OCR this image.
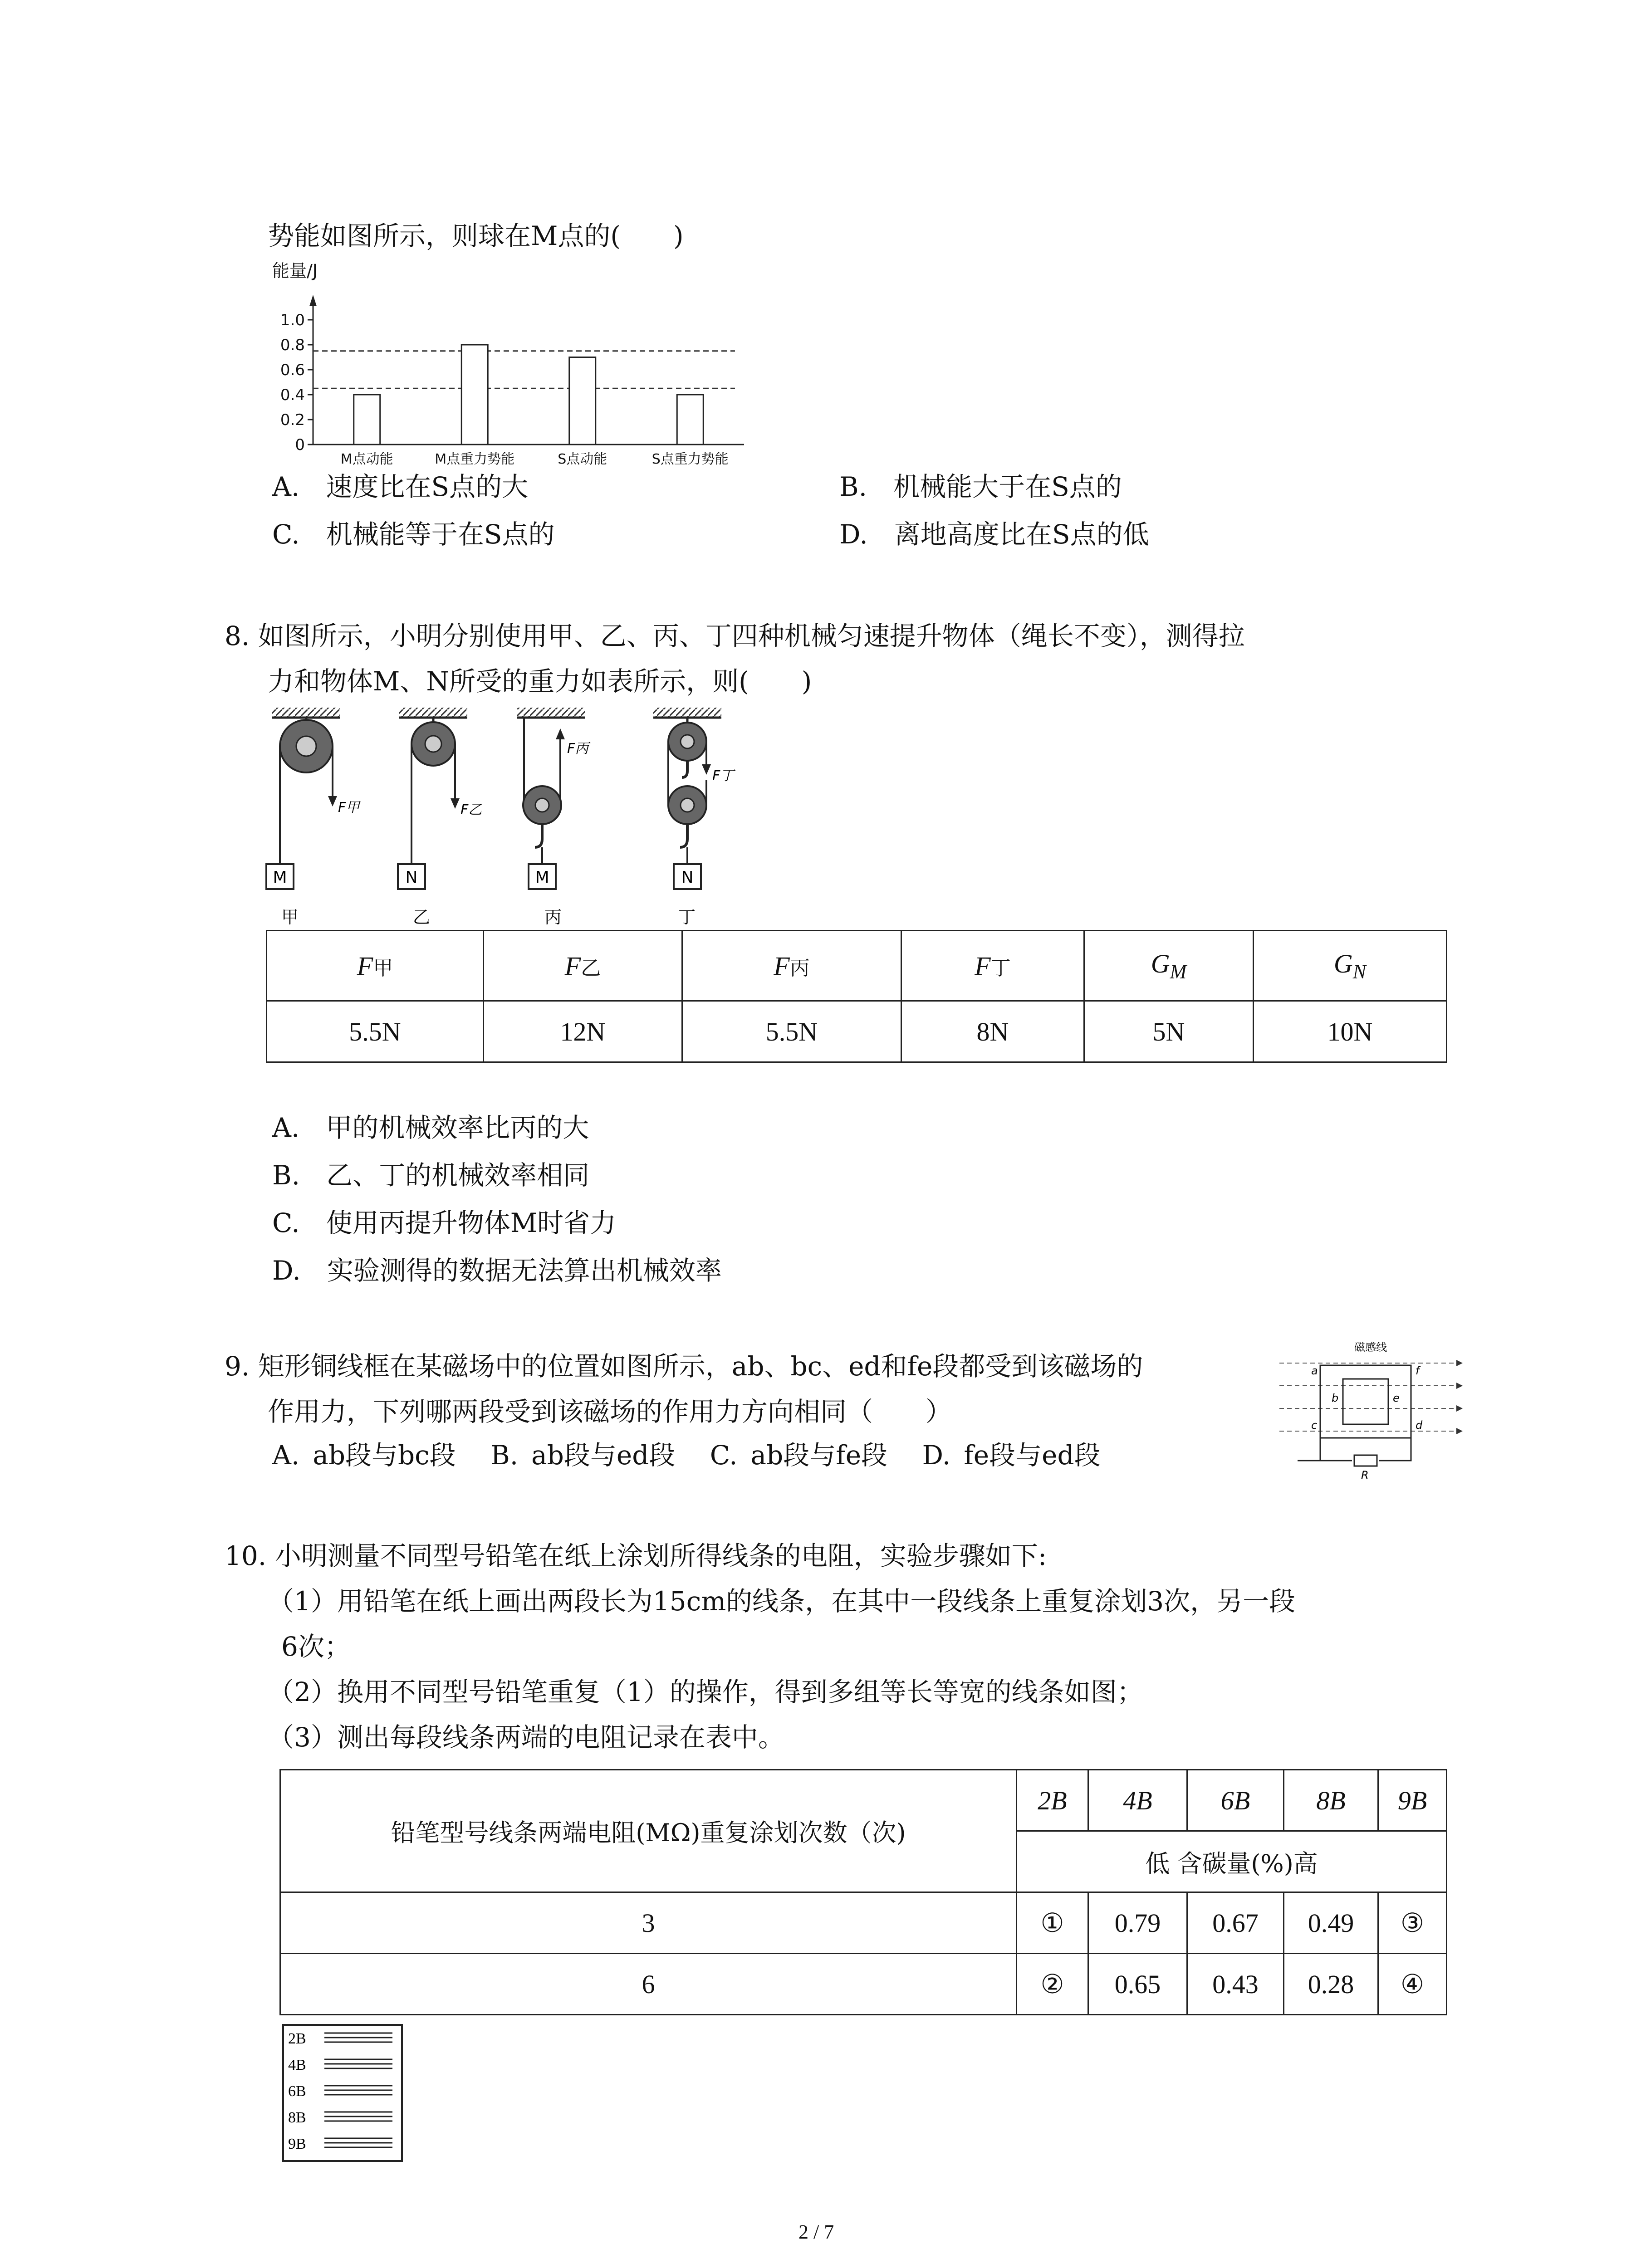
势能如图所示，则球在M点的(　　)
能量/J
1.0
0.8
0.6
0.4
0.2
0
M点动能	M点重力势能	S点动能	S点重力势能
A.　 速度比在S点的大	B.　 机械能大于在S点的
C.　 机械能等于在S点的	D.　 离地高度比在S点的低
8. 如图所示，小明分别使用甲、乙、丙、丁四种机械匀速提升物体（绳长不变），测得拉
力和物体M、N所受的重力如表所示，则(　　)
M
F甲
甲
N
F乙
乙
M
F丙
丙
N
F丁
丁
F甲	F乙	F丙	F丁	$G_M$	$G_N$
5.5N	12N	5.5N	8N	5N	10N
A.　 甲的机械效率比丙的大
B.　 乙、丁的机械效率相同
C.　 使用丙提升物体M时省力
D.　 实验测得的数据无法算出机械效率
9. 矩形铜线框在某磁场中的位置如图所示，ab、bc、ed和fe段都受到该磁场的
作用力，下列哪两段受到该磁场的作用力方向相同（　　）
A.  ab段与bc段  B.  ab段与ed段  C.  ab段与fe段  D.  fe段与ed段
磁感线
a
b
c	d
e
f
R
10. 小明测量不同型号铅笔在纸上涂划所得线条的电阻，实验步骤如下:
（1）用铅笔在纸上画出两段长为15cm的线条，在其中一段线条上重复涂划3次，另一段
6次；
（2）换用不同型号铅笔重复（1）的操作，得到多组等长等宽的线条如图；
（3）测出每段线条两端的电阻记录在表中。
铅笔型号线条两端电阻(MΩ)重复涂划次数（次)	2B	4B	6B	8B	9B
	低 含碳量(%)高				
3	①	0.79	0.67	0.49	③
6	②	0.65	0.43	0.28	④
2B
4B
6B
8B
9B
2 / 7
